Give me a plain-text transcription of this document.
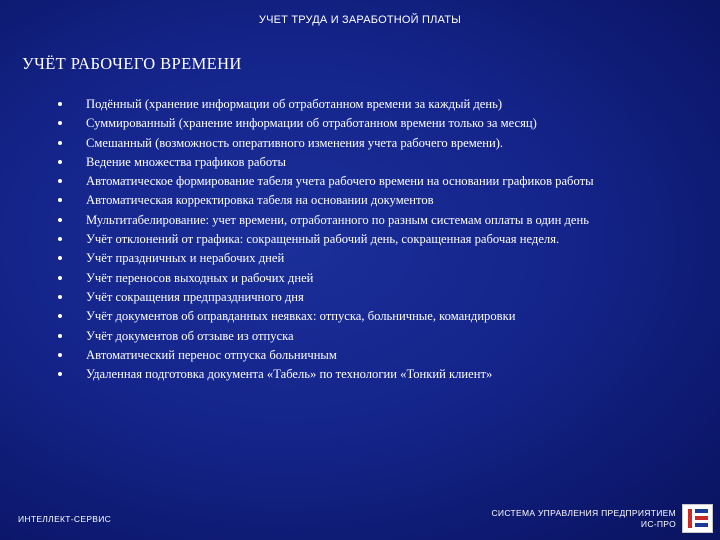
УЧЕТ ТРУДА И ЗАРАБОТНОЙ ПЛАТЫ
УЧЁТ РАБОЧЕГО ВРЕМЕНИ
Подённый (хранение информации об отработанном времени за каждый день)
Суммированный (хранение информации об отработанном времени только за месяц)
Смешанный (возможность оперативного изменения учета рабочего времени).
Ведение множества графиков работы
Автоматическое формирование табеля учета рабочего времени на основании графиков работы
Автоматическая корректировка табеля на основании документов
Мультитабелирование: учет времени, отработанного по разным системам оплаты в один день
Учёт отклонений от графика: сокращенный рабочий день, сокращенная рабочая неделя.
Учёт праздничных и нерабочих дней
Учёт переносов выходных и рабочих дней
Учёт сокращения предпраздничного дня
Учёт документов об оправданных неявках: отпуска, больничные, командировки
Учёт документов об отзыве из отпуска
Автоматический перенос отпуска больничным
Удаленная подготовка документа «Табель» по технологии «Тонкий клиент»
ИНТЕЛЛЕКТ-СЕРВИС
СИСТЕМА УПРАВЛЕНИЯ ПРЕДПРИЯТИЕМ
ИС-ПРО
